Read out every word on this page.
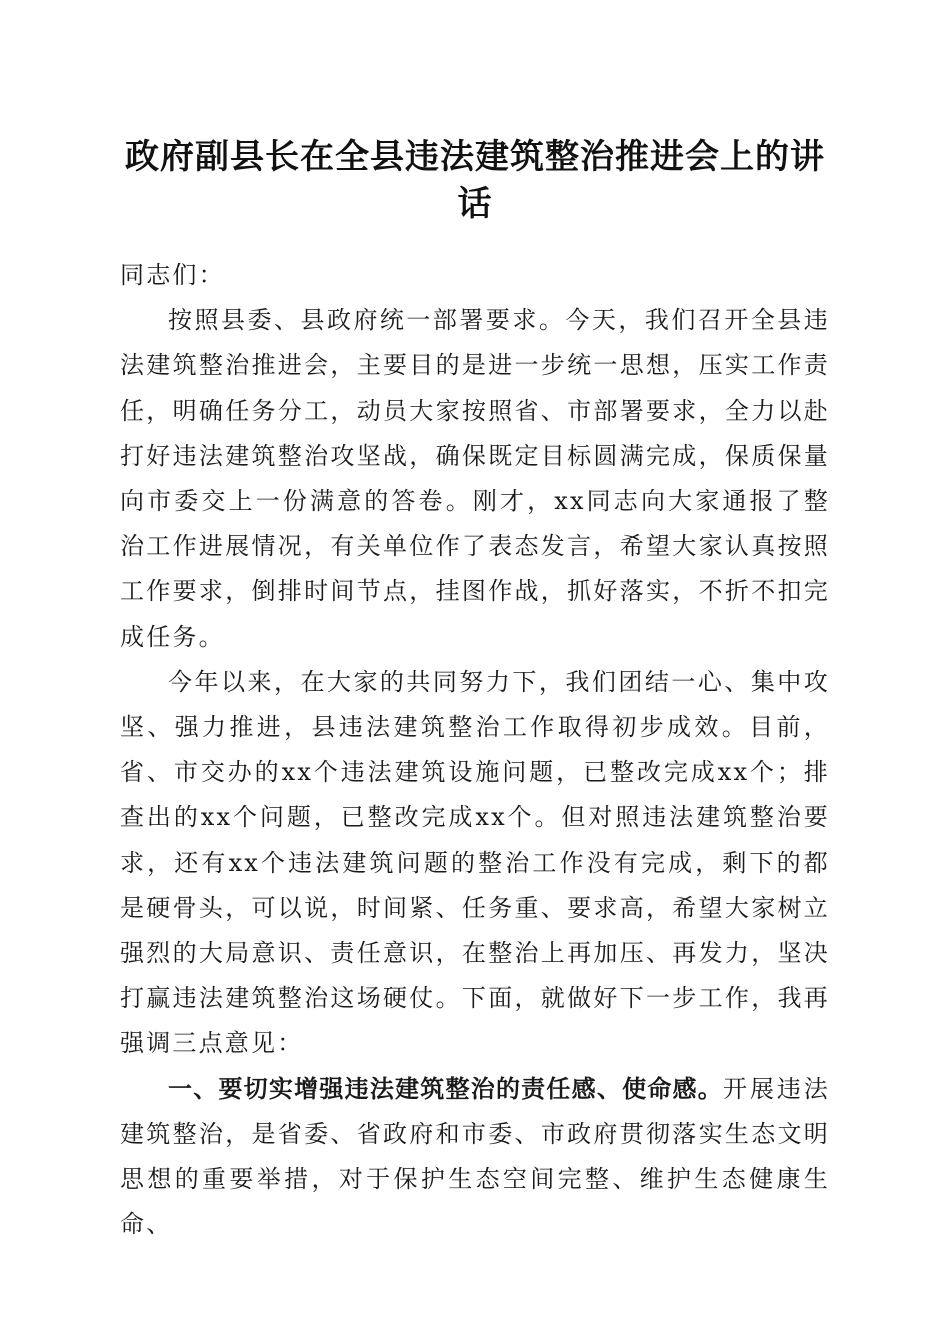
政府副县长在全县违法建筑整治推进会上的讲话

同志们：

按照县委、县政府统一部署要求。今天，我们召开全县违法建筑整治推进会，主要目的是进一步统一思想，压实工作责任，明确任务分工，动员大家按照省、市部署要求，全力以赴打好违法建筑整治攻坚战，确保既定目标圆满完成，保质保量向市委交上一份满意的答卷。刚才，xx同志向大家通报了整治工作进展情况，有关单位作了表态发言，希望大家认真按照工作要求，倒排时间节点，挂图作战，抓好落实，不折不扣完成任务。

今年以来，在大家的共同努力下，我们团结一心、集中攻坚、强力推进，县违法建筑整治工作取得初步成效。目前，省、市交办的xx个违法建筑设施问题，已整改完成xx个；排查出的xx个问题，已整改完成xx个。但对照违法建筑整治要求，还有xx个违法建筑问题的整治工作没有完成，剩下的都是硬骨头，可以说，时间紧、任务重、要求高，希望大家树立强烈的大局意识、责任意识，在整治上再加压、再发力，坚决打赢违法建筑整治这场硬仗。下面，就做好下一步工作，我再强调三点意见：

一、要切实增强违法建筑整治的责任感、使命感。开展违法建筑整治，是省委、省政府和市委、市政府贯彻落实生态文明思想的重要举措，对于保护生态空间完整、维护生态健康生命、
